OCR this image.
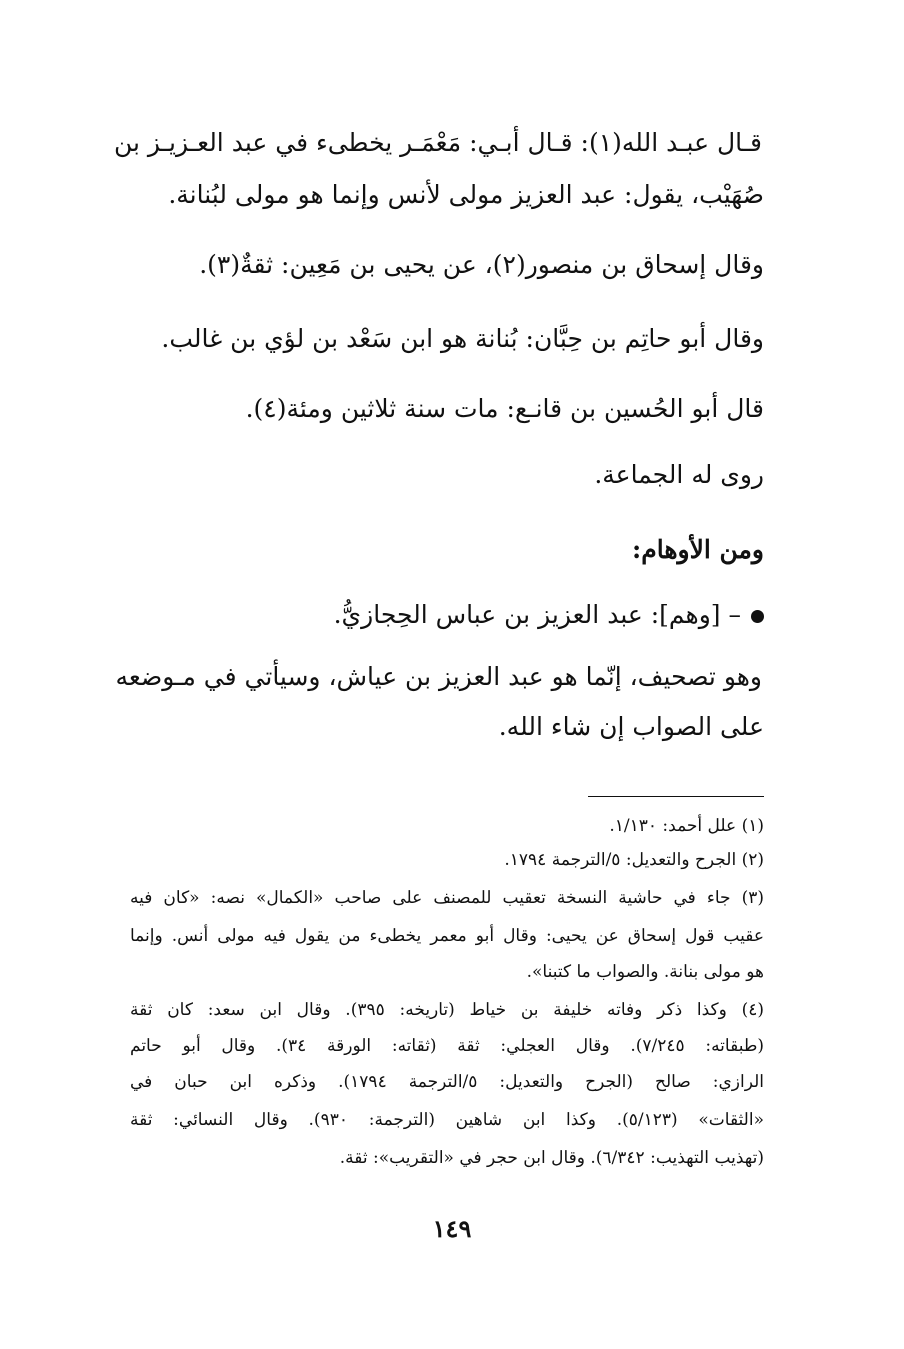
قـال عبـد الله(١): قـال أبـي: مَعْمَـر يخطىء في عبد العـزيـز بن
صُهَيْب، يقول: عبد العزيز مولى لأنس وإنما هو مولى لبُنانة.
وقال إسحاق بن منصور(٢)، عن يحيى بن مَعِين: ثقةٌ(٣).
وقال أبو حاتِم بن حِبَّان: بُنانة هو ابن سَعْد بن لؤي بن غالب.
قال أبو الحُسين بن قانـع: مات سنة ثلاثين ومئة(٤).
روى له الجماعة.
ومن الأوهام:
– [وهم]: عبد العزيز بن عباس الحِجازيُّ.
وهو تصحيف، إنّما هو عبد العزيز بن عياش، وسيأتي في مـوضعه
على الصواب إن شاء الله.
(١) علل أحمد: ١/١٣٠.
(٢) الجرح والتعديل: ٥/الترجمة ١٧٩٤.
(٣) جاء في حاشية النسخة تعقيب للمصنف على صاحب «الكمال» نصه: «كان فيه
عقيب قول إسحاق عن يحيى: وقال أبو معمر يخطىء من يقول فيه مولى أنس. وإنما
هو مولى بنانة. والصواب ما كتبنا».
(٤) وكذا ذكر وفاته خليفة بن خياط (تاريخه: ٣٩٥). وقال ابن سعد: كان ثقة
(طبقاته: ٧/٢٤٥). وقال العجلي: ثقة (ثقاته: الورقة ٣٤). وقال أبو حاتم
الرازي: صالح (الجرح والتعديل: ٥/الترجمة ١٧٩٤). وذكره ابن حبان في
«الثقات» (٥/١٢٣). وكذا ابن شاهين (الترجمة: ٩٣٠). وقال النسائي: ثقة
(تهذيب التهذيب: ٦/٣٤٢). وقال ابن حجر في «التقريب»: ثقة.
١٤٩
